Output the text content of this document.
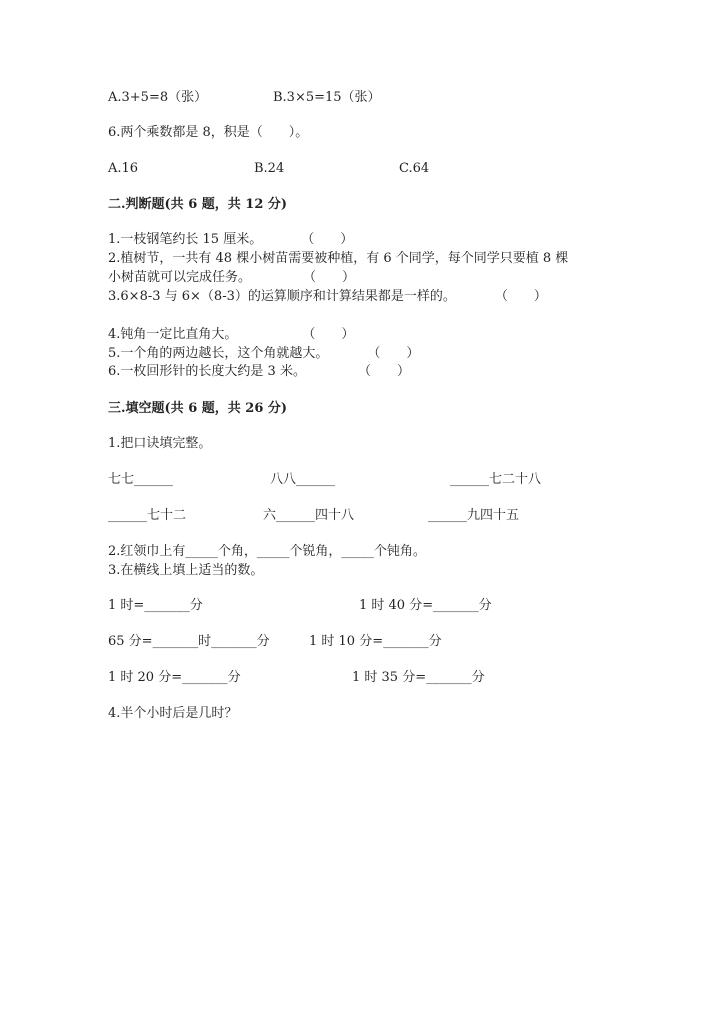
A.3+5=8（张）	B.3×5=15（张）
6.两个乘数都是 8，积是（　　）。
A.16	B.24	C.64
二.判断题(共 6 题，共 12 分)
1.一枝钢笔约长 15 厘米。　　　　（　　）
2.植树节，一共有 48 棵小树苗需要被种植，有 6 个同学，每个同学只要植 8 棵
小树苗就可以完成任务。　　　　　（　　）
3.6×8-3 与 6×（8-3）的运算顺序和计算结果都是一样的。　　　　（　　）
4.钝角一定比直角大。　　　　　　（　　）
5.一个角的两边越长，这个角就越大。　　　　（　　）
6.一枚回形针的长度大约是 3 米。　　　　　（　　）
三.填空题(共 6 题，共 26 分)
1.把口诀填完整。
七七______	八八______	______七二十八
______七十二	六______四十八	______九四十五
2.红领巾上有_____个角，_____个锐角，_____个钝角。
3.在横线上填上适当的数。
1 时=_______分	1 时 40 分=_______分
65 分=_______时_______分	1 时 10 分=_______分
1 时 20 分=_______分	1 时 35 分=_______分
4.半个小时后是几时？
